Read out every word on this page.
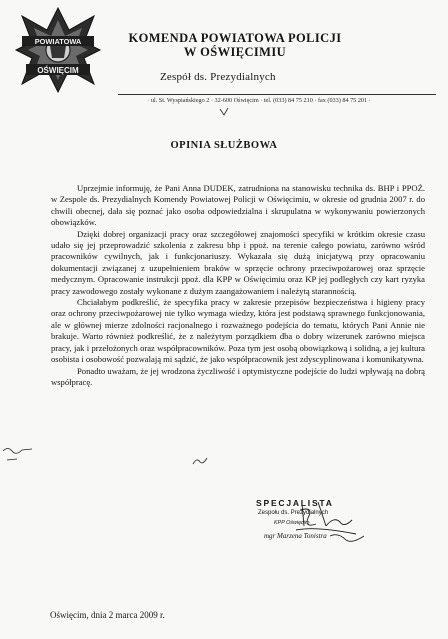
POWIATOWA
OŚWIĘCIM
KOMENDA POWIATOWA POLICJI
W OŚWIĘCIMIU
Zespół ds. Prezydialnych
· ul. St. Wyspiańskiego 2 · 32-600 Oświęcim · tel. (033) 84 75 210 · fax (033) 84 75 201 ·
OPINIA SŁUŻBOWA

Uprzejmie informuję, że Pani Anna DUDEK, zatrudniona na stanowisku technika ds. BHP i PPOŻ. w Zespole ds. Prezydialnych Komendy Powiatowej Policji w Oświęcimiu, w okresie od grudnia 2007 r. do chwili obecnej, dała się poznać jako osoba odpowiedzialna i skrupulatna w wykonywaniu powierzonych obowiązków.

Dzięki dobrej organizacji pracy oraz szczegółowej znajomości specyfiki w krótkim okresie czasu udało się jej przeprowadzić szkolenia z zakresu bhp i ppoż. na terenie całego powiatu, zarówno wśród pracowników cywilnych, jak i funkcjonariuszy. Wykazała się dużą inicjatywą przy opracowaniu dokumentacji związanej z uzupełnieniem braków w sprzęcie ochrony przeciwpożarowej oraz sprzęcie medycznym. Opracowanie instrukcji ppoż. dla KPP w Oświęcimiu oraz KP jej podległych czy kart ryzyka pracy zawodowego zostały wykonane z dużym zaangażowaniem i należytą starannością.

Chciałabym podkreślić, że specyfika pracy w zakresie przepisów bezpieczeństwa i higieny pracy oraz ochrony przeciwpożarowej nie tylko wymaga wiedzy, która jest podstawą sprawnego funkcjonowania, ale w głównej mierze zdolności racjonalnego i rozważnego podejścia do tematu, których Pani Annie nie brakuje. Warto również podkreślić, że z należytym porządkiem dba o dobry wizerunek zarówno miejsca pracy, jak i przełożonych oraz współpracowników. Poza tym jest osobą obowiązkową i solidną, a jej kultura osobista i osobowość pozwalają mi sądzić, że jako współpracownik jest zdyscyplinowana i komunikatywna.

Ponadto uważam, że jej wrodzona życzliwość i optymistyczne podejście do ludzi wpływają na dobrą współpracę.

SPECJALISTA
Zespołu ds. Prezydialnych
KPP Oświęcim
mgr Marzena Tonistra
Oświęcim, dnia 2 marca 2009 r.
